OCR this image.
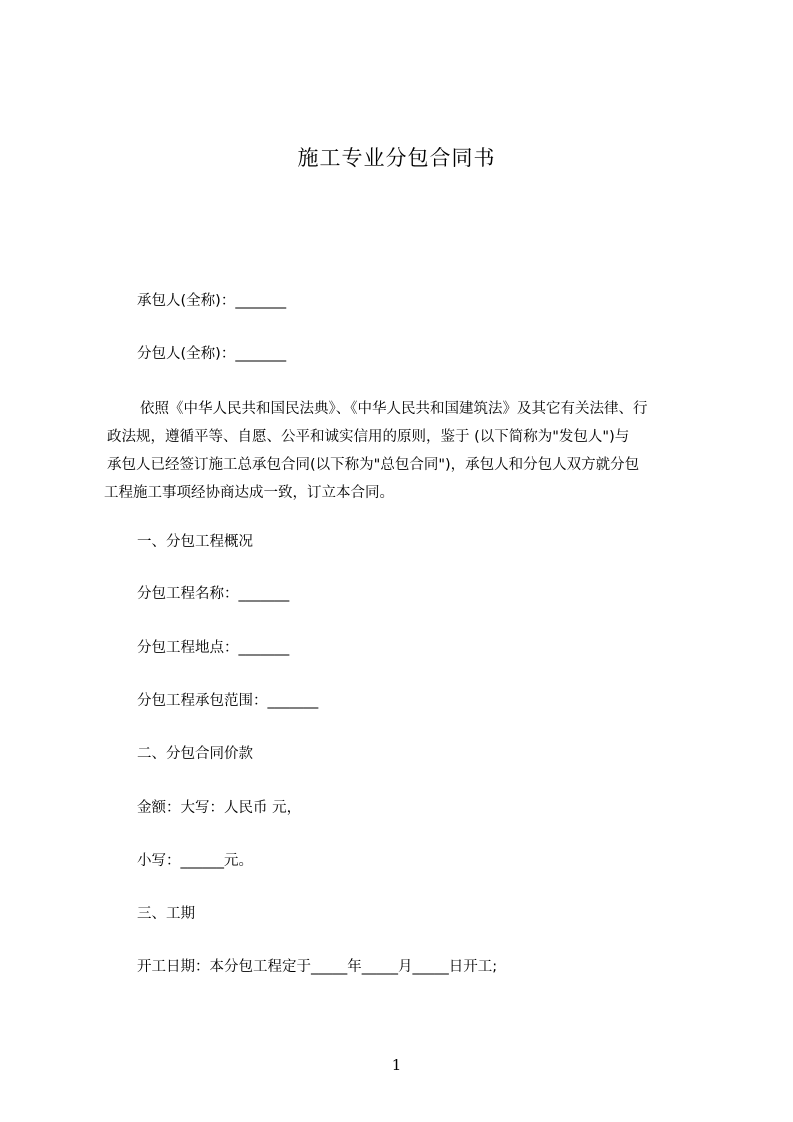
施工专业分包合同书
承包人(全称)：_______
分包人(全称)：_______
依照《中华人民共和国民法典》、《中华人民共和国建筑法》及其它有关法律、行
政法规，遵循平等、自愿、公平和诚实信用的原则，鉴于 (以下简称为"发包人")与
承包人已经签订施工总承包合同(以下称为"总包合同")，承包人和分包人双方就分包
工程施工事项经协商达成一致，订立本合同。
一、分包工程概况
分包工程名称：_______
分包工程地点：_______
分包工程承包范围：_______
二、分包合同价款
金额：大写：人民币 元，
小写：______元。
三、工期
开工日期：本分包工程定于_____年_____月_____日开工;
1
